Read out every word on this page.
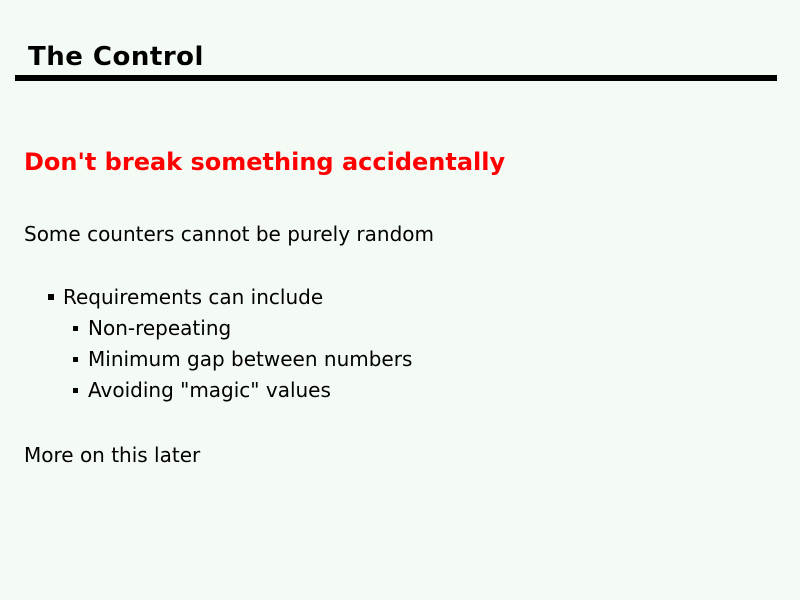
The Control
Don't break something accidentally
Some counters cannot be purely random
Requirements can include
Non-repeating
Minimum gap between numbers
Avoiding "magic" values
More on this later
